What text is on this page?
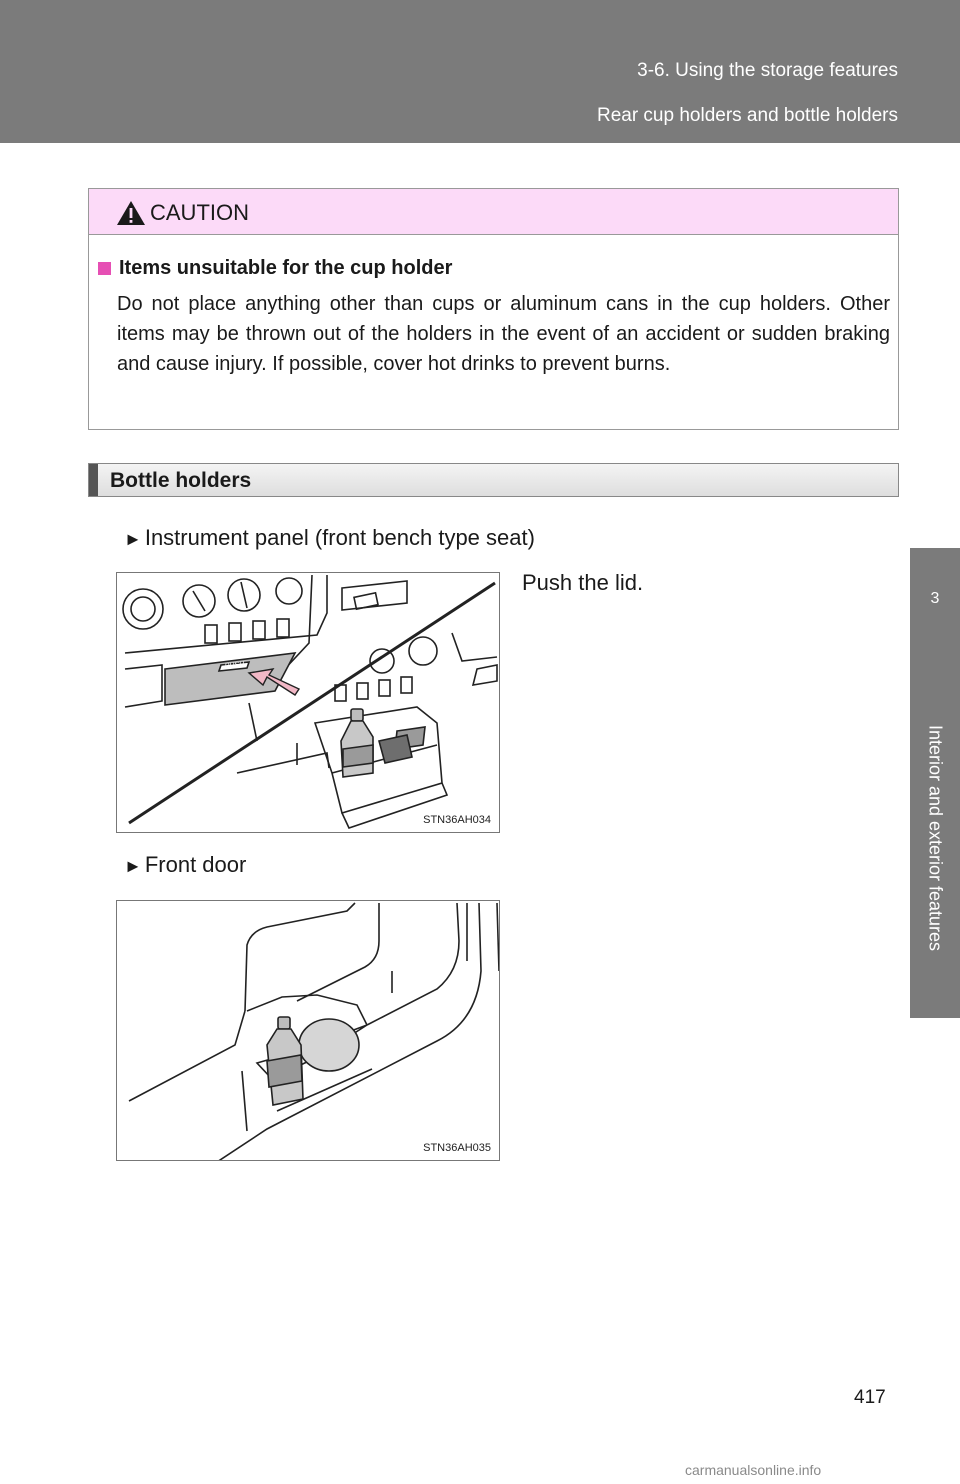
3-6. Using the storage features
Rear cup holders and bottle holders
3
Interior and exterior features
CAUTION
Items unsuitable for the cup holder
Do not place anything other than cups or aluminum cans in the cup holders. Other items may be thrown out of the holders in the event of an accident or sudden braking and cause injury. If possible, cover hot drinks to prevent burns.
Bottle holders
► Instrument panel (front bench type seat)
Push the lid.
PUSH
STN36AH034
► Front door
STN36AH035
417
carmanualsonline.info
